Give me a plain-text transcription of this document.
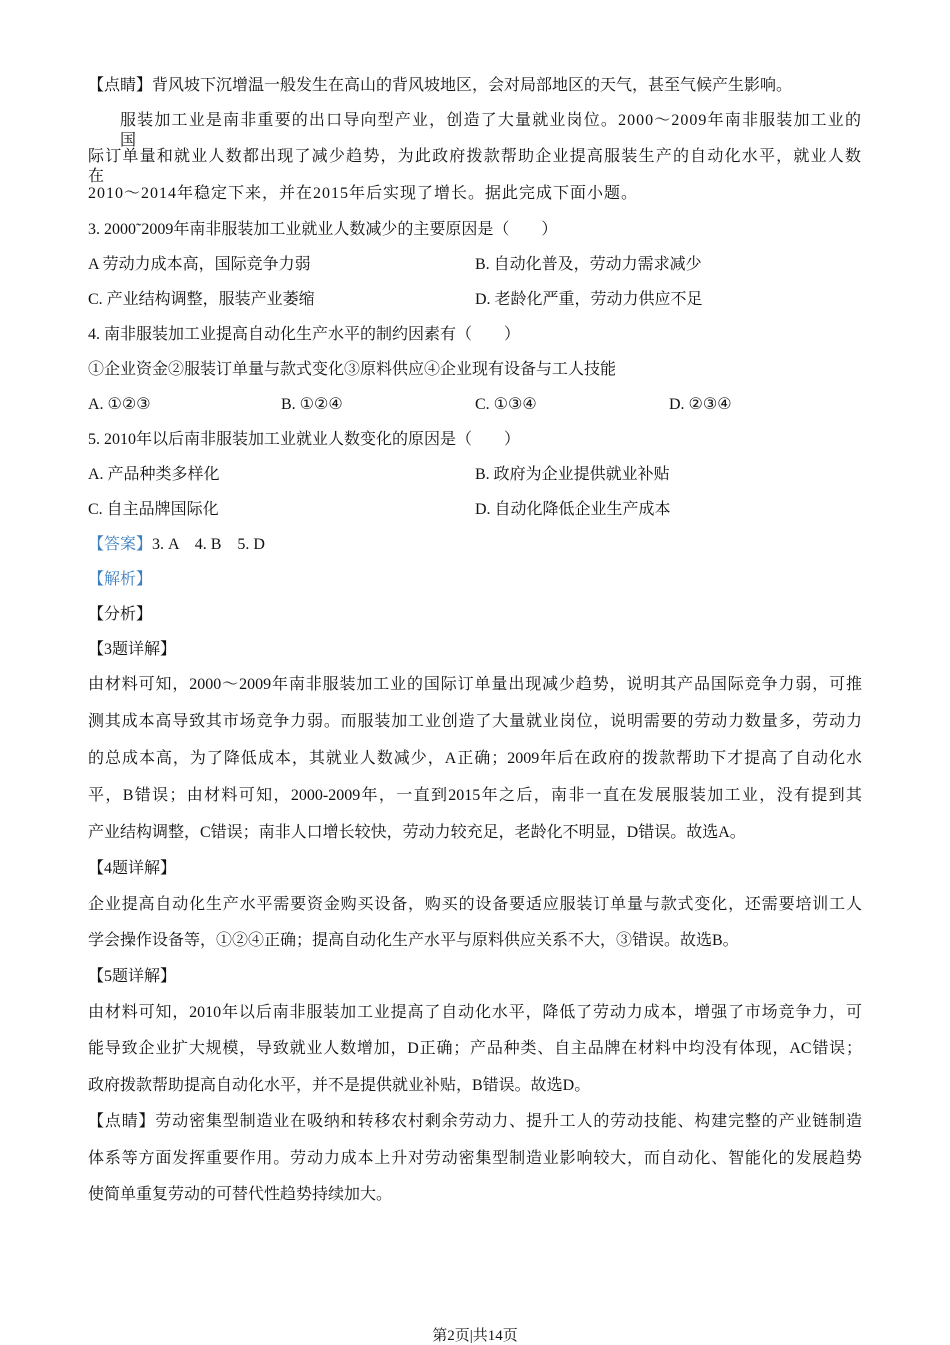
【点睛】背风坡下沉增温一般发生在高山的背风坡地区，会对局部地区的天气，甚至气候产生影响。
服装加工业是南非重要的出口导向型产业，创造了大量就业岗位。2000～2009年南非服装加工业的国
际订单量和就业人数都出现了减少趋势，为此政府拨款帮助企业提高服装生产的自动化水平，就业人数在
2010～2014年稳定下来，并在2015年后实现了增长。据此完成下面小题。
3. 2000˜2009年南非服装加工业就业人数减少的主要原因是（　　）
A 劳动力成本高，国际竞争力弱	B. 自动化普及，劳动力需求减少
C. 产业结构调整，服装产业萎缩	D. 老龄化严重，劳动力供应不足
4. 南非服装加工业提高自动化生产水平的制约因素有（　　）
①企业资金②服装订单量与款式变化③原料供应④企业现有设备与工人技能
A. ①②③	B. ①②④	C. ①③④	D. ②③④
5. 2010年以后南非服装加工业就业人数变化的原因是（　　）
A. 产品种类多样化	B. 政府为企业提供就业补贴
C. 自主品牌国际化	D. 自动化降低企业生产成本
【答案】3. A　4. B　5. D
【解析】
【分析】
【3题详解】
由材料可知，2000～2009年南非服装加工业的国际订单量出现减少趋势，说明其产品国际竞争力弱，可推
测其成本高导致其市场竞争力弱。而服装加工业创造了大量就业岗位，说明需要的劳动力数量多，劳动力
的总成本高，为了降低成本，其就业人数减少，A正确；2009年后在政府的拨款帮助下才提高了自动化水
平，B错误；由材料可知，2000-2009年，一直到2015年之后，南非一直在发展服装加工业，没有提到其
产业结构调整，C错误；南非人口增长较快，劳动力较充足，老龄化不明显，D错误。故选A。
【4题详解】
企业提高自动化生产水平需要资金购买设备，购买的设备要适应服装订单量与款式变化，还需要培训工人
学会操作设备等，①②④正确；提高自动化生产水平与原料供应关系不大，③错误。故选B。
【5题详解】
由材料可知，2010年以后南非服装加工业提高了自动化水平，降低了劳动力成本，增强了市场竞争力，可
能导致企业扩大规模，导致就业人数增加，D正确；产品种类、自主品牌在材料中均没有体现，AC错误；
政府拨款帮助提高自动化水平，并不是提供就业补贴，B错误。故选D。
【点睛】劳动密集型制造业在吸纳和转移农村剩余劳动力、提升工人的劳动技能、构建完整的产业链制造
体系等方面发挥重要作用。劳动力成本上升对劳动密集型制造业影响较大，而自动化、智能化的发展趋势
使简单重复劳动的可替代性趋势持续加大。
第2页|共14页
